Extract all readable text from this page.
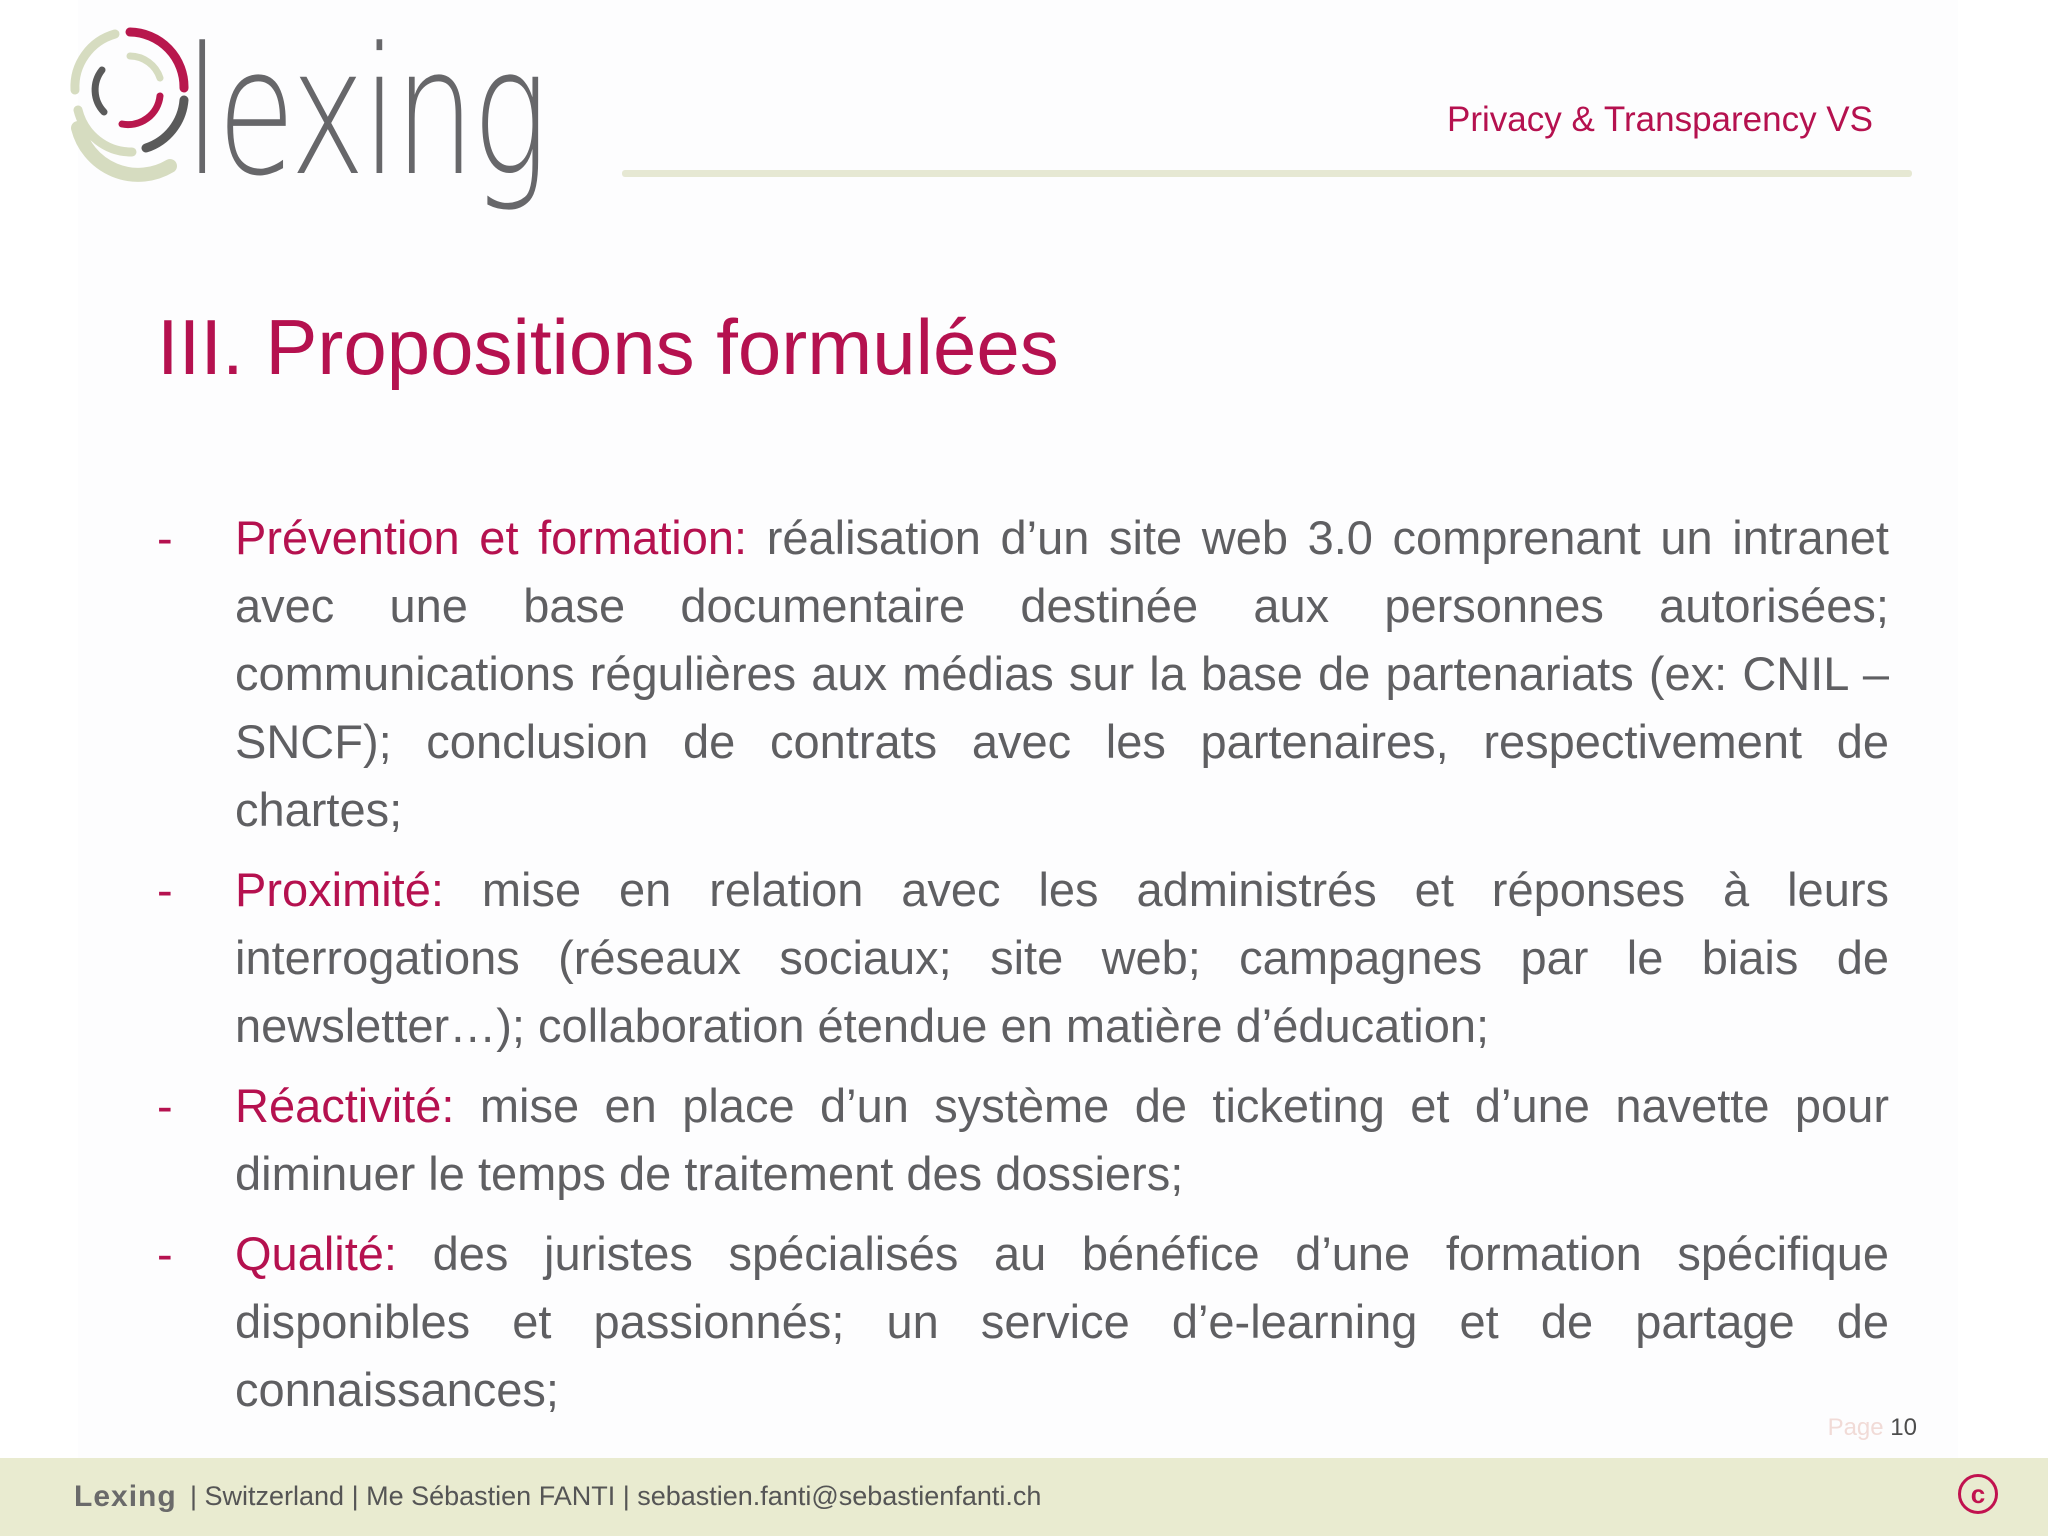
lexing	Privacy & Transparency VS
III. Propositions formulées
-	Prévention et formation: réalisation d’un site web 3.0 comprenant un intranet avec une base documentaire destinée aux personnes autorisées; communications régulières aux médias sur la base de partenariats (ex: CNIL – SNCF); conclusion de contrats avec les partenaires, respectivement de chartes;
-	Proximité: mise en relation avec les administrés et réponses à leurs interrogations (réseaux sociaux; site web; campagnes par le biais de newsletter…); collaboration étendue en matière d’éducation;
-	Réactivité: mise en place d’un système de ticketing et d’une navette pour diminuer le temps de traitement des dossiers;
-	Qualité: des juristes spécialisés au bénéfice d’une formation spécifique disponibles et passionnés; un service d’e-learning et de partage de connaissances;
Page 10
Lexing | Switzerland | Me Sébastien FANTI | sebastien.fanti@sebastienfanti.ch	c
